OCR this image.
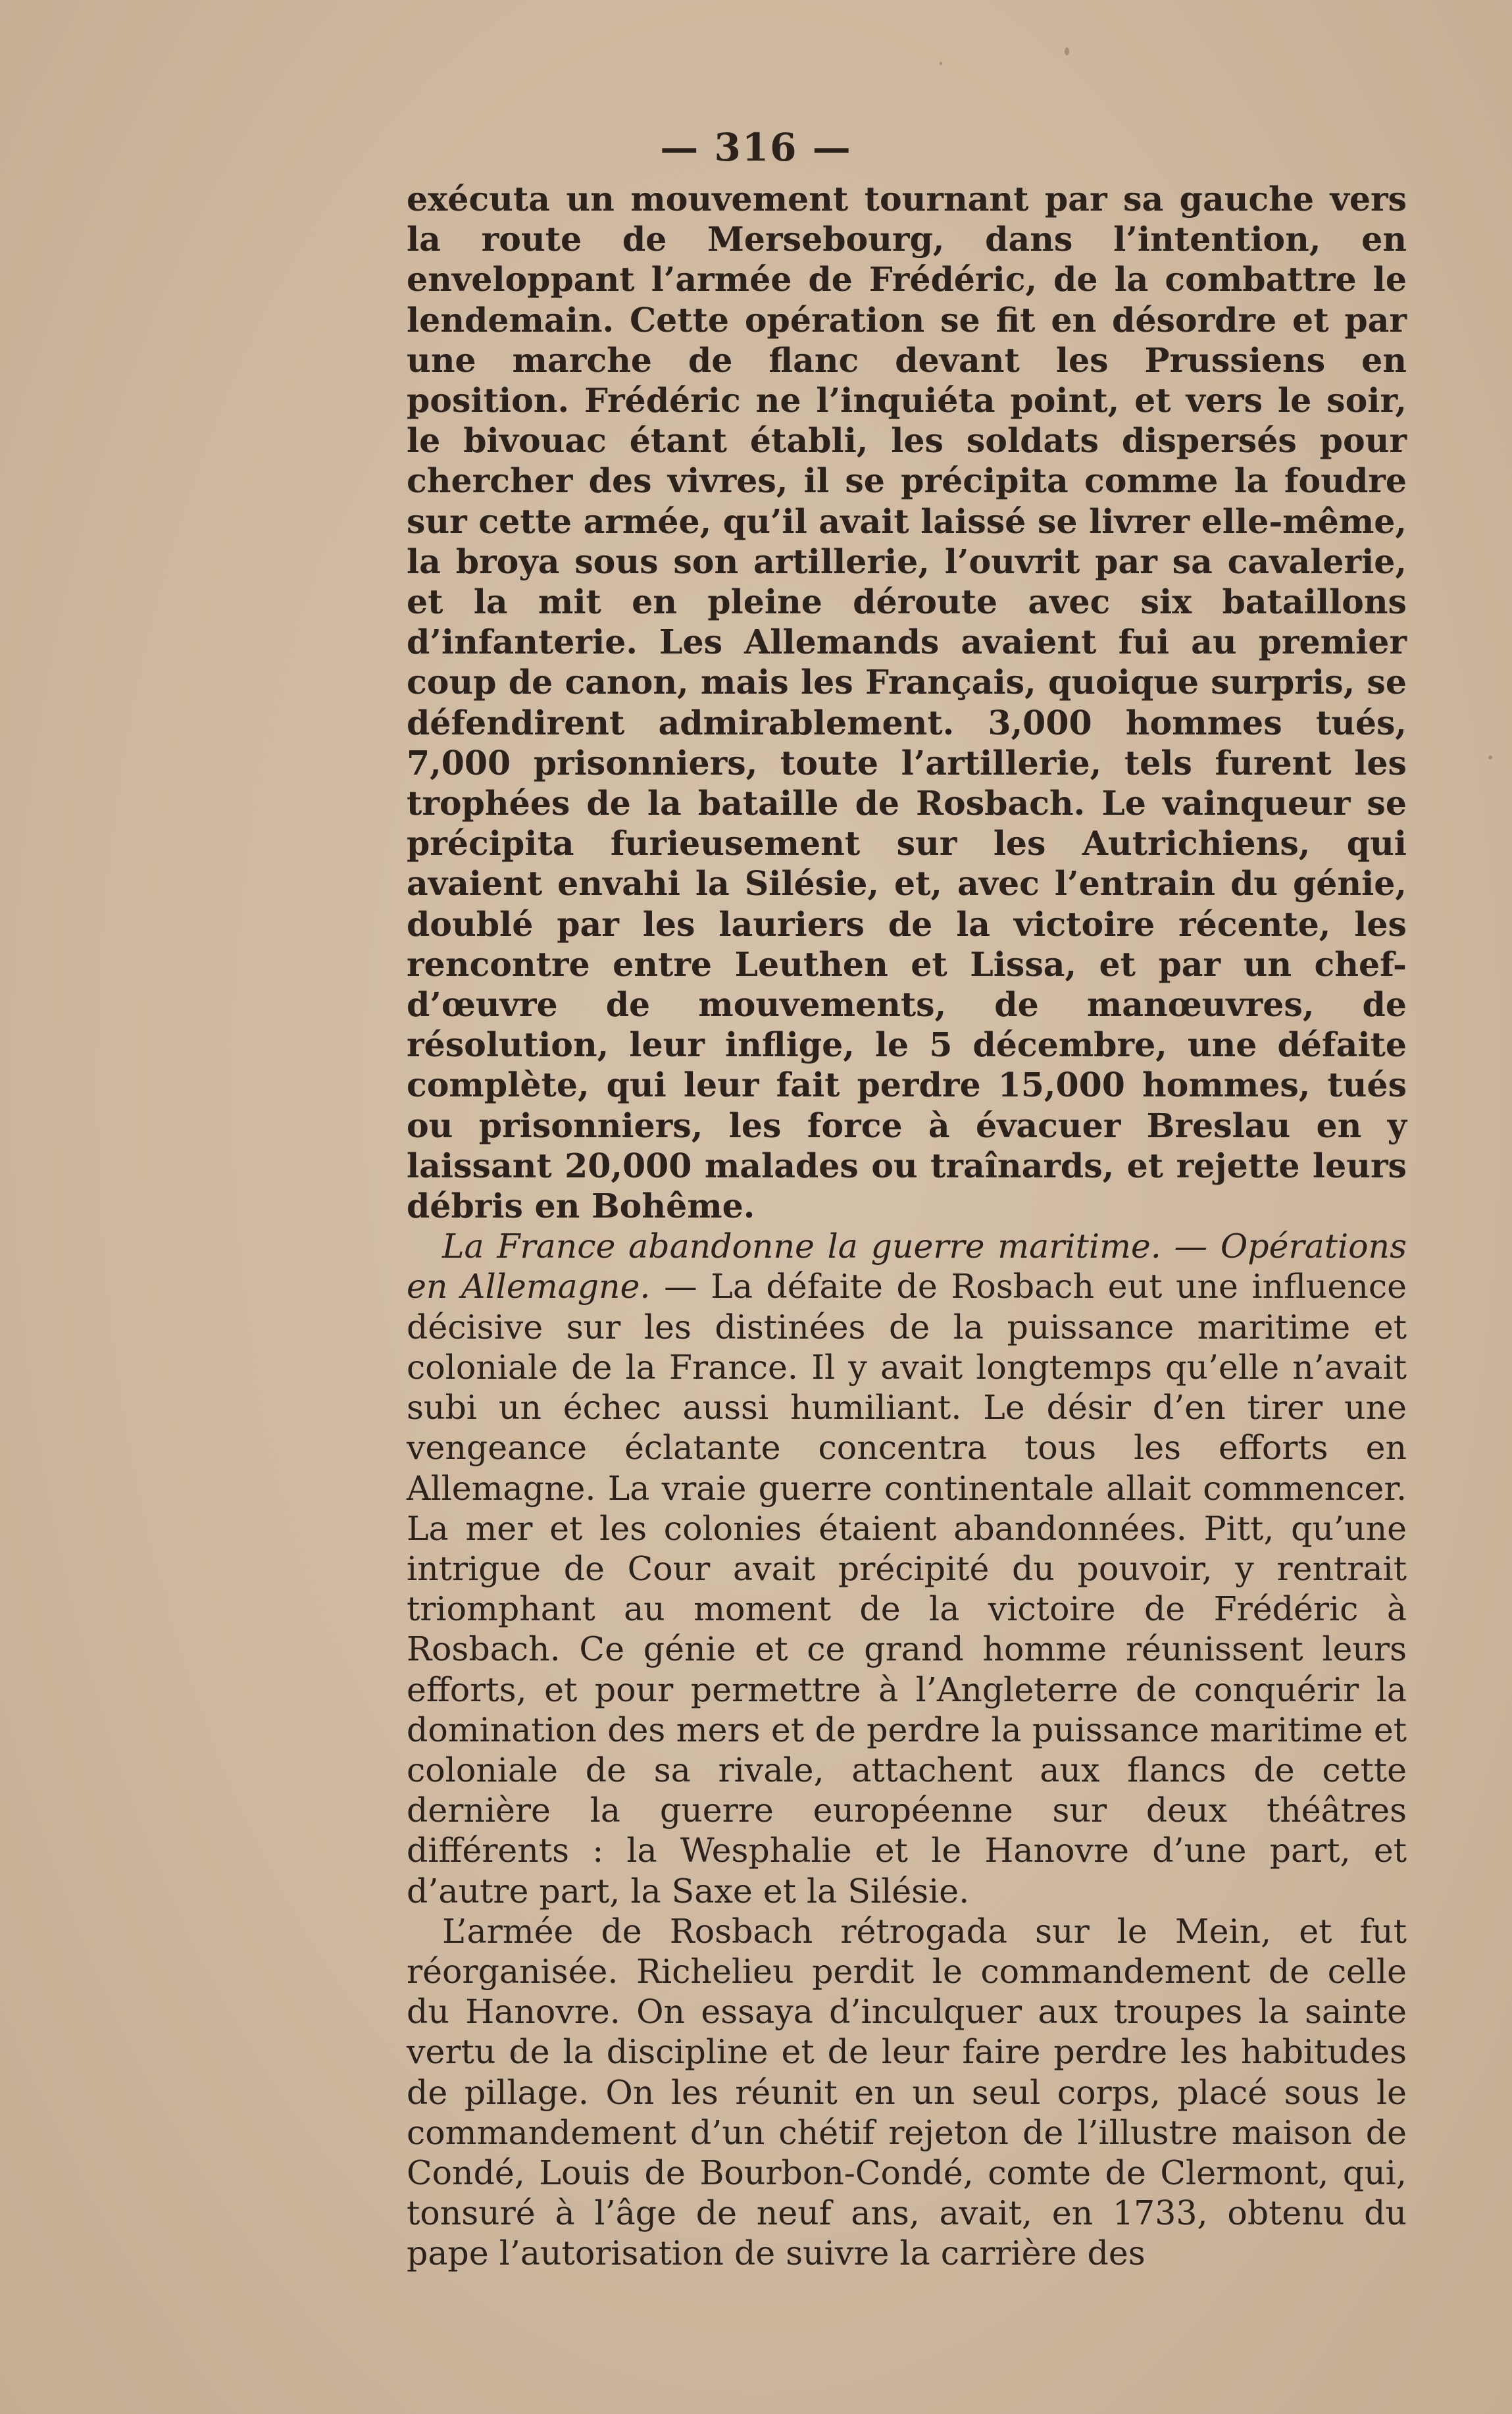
— 316 —

exécuta un mouvement tournant par sa gauche vers la route de Mersebourg, dans l’intention, en enveloppant l’armée de Frédéric, de la combattre le lendemain. Cette opération se fit en désordre et par une marche de flanc devant les Prussiens en position. Frédéric ne l’inquiéta point, et vers le soir, le bivouac étant établi, les soldats dispersés pour chercher des vivres, il se précipita comme la foudre sur cette armée, qu’il avait laissé se livrer elle-même, la broya sous son artillerie, l’ouvrit par sa cavalerie, et la mit en pleine déroute avec six bataillons d’infanterie. Les Allemands avaient fui au premier coup de canon, mais les Français, quoique surpris, se défendirent admirablement. 3,000 hommes tués, 7,000 prisonniers, toute l’artillerie, tels furent les trophées de la bataille de Rosbach. Le vainqueur se précipita furieusement sur les Autrichiens, qui avaient envahi la Silésie, et, avec l’entrain du génie, doublé par les lauriers de la victoire récente, les rencontre entre Leuthen et Lissa, et par un chef-d’œuvre de mouvements, de manœuvres, de résolution, leur inflige, le 5 décembre, une défaite complète, qui leur fait perdre 15,000 hommes, tués ou prisonniers, les force à évacuer Breslau en y laissant 20,000 malades ou traînards, et rejette leurs débris en Bohême.

La France abandonne la guerre maritime. — Opérations en Allemagne. — La défaite de Rosbach eut une influence décisive sur les distinées de la puissance maritime et coloniale de la France. Il y avait longtemps qu’elle n’avait subi un échec aussi humiliant. Le désir d’en tirer une vengeance éclatante concentra tous les efforts en Allemagne. La vraie guerre continentale allait commencer. La mer et les colonies étaient abandonnées. Pitt, qu’une intrigue de Cour avait précipité du pouvoir, y rentrait triomphant au moment de la victoire de Frédéric à Rosbach. Ce génie et ce grand homme réunissent leurs efforts, et pour permettre à l’Angleterre de conquérir la domination des mers et de perdre la puissance maritime et coloniale de sa rivale, attachent aux flancs de cette dernière la guerre européenne sur deux théâtres différents : la Wesphalie et le Hanovre d’une part, et d’autre part, la Saxe et la Silésie.

L’armée de Rosbach rétrogada sur le Mein, et fut réorganisée. Richelieu perdit le commandement de celle du Hanovre. On essaya d’inculquer aux troupes la sainte vertu de la discipline et de leur faire perdre les habitudes de pillage. On les réunit en un seul corps, placé sous le commandement d’un chétif rejeton de l’illustre maison de Condé, Louis de Bourbon-Condé, comte de Clermont, qui, tonsuré à l’âge de neuf ans, avait, en 1733, obtenu du pape l’autorisation de suivre la carrière des
